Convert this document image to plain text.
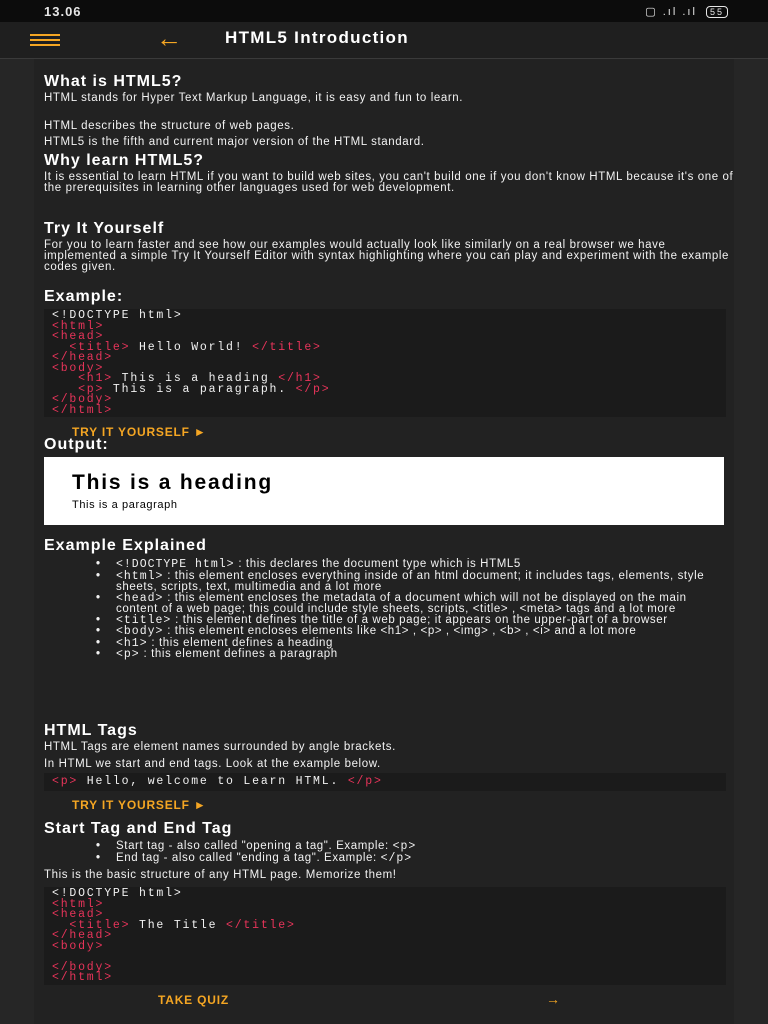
13.06	▢ .ıl .ıl 55
←	HTML5 Introduction
What is HTML5?

HTML stands for Hyper Text Markup Language, it is easy and fun to learn.

HTML describes the structure of web pages.

HTML5 is the fifth and current major version of the HTML standard.

Why learn HTML5?

It is essential to learn HTML if you want to build web sites, you can't build one if you don't know HTML because it's one of the prerequisites in learning other languages used for web development.

Try It Yourself

For you to learn faster and see how our examples would actually look like similarly on a real browser we have implemented a simple Try It Yourself Editor with syntax highlighting where you can play and experiment with the example codes given.

Example:
<!DOCTYPE html>
<html>
<head>
<title> Hello World! </title>
</head>
<body>
<h1> This is a heading </h1>
<p> This is a paragraph. </p>
</body>
</html>
TRY IT YOURSELF ►
Output:
This is a heading
This is a paragraph
Example Explained
• <!DOCTYPE html> : this declares the document type which is HTML5
• <html> : this element encloses everything inside of an html document; it includes tags, elements, style sheets, scripts, text, multimedia and a lot more
• <head> : this element encloses the metadata of a document which will not be displayed on the main content of a web page; this could include style sheets, scripts, <title> , <meta> tags and a lot more
• <title> : this element defines the title of a web page; it appears on the upper-part of a browser
• <body> : this element encloses elements like <h1> , <p> , <img> , <b> , <i> and a lot more
• <h1> : this element defines a heading
• <p> : this element defines a paragraph
HTML Tags

HTML Tags are element names surrounded by angle brackets.

In HTML we start and end tags. Look at the example below.

<p> Hello, welcome to Learn HTML. </p>
TRY IT YOURSELF ►
Start Tag and End Tag
• Start tag - also called "opening a tag". Example: <p>
• End tag - also called "ending a tag". Example: </p>

This is the basic structure of any HTML page. Memorize them!

<!DOCTYPE html>
<html>
<head>
<title> The Title </title>
</head>
<body>
</body>
</html>
TAKE QUIZ	→
